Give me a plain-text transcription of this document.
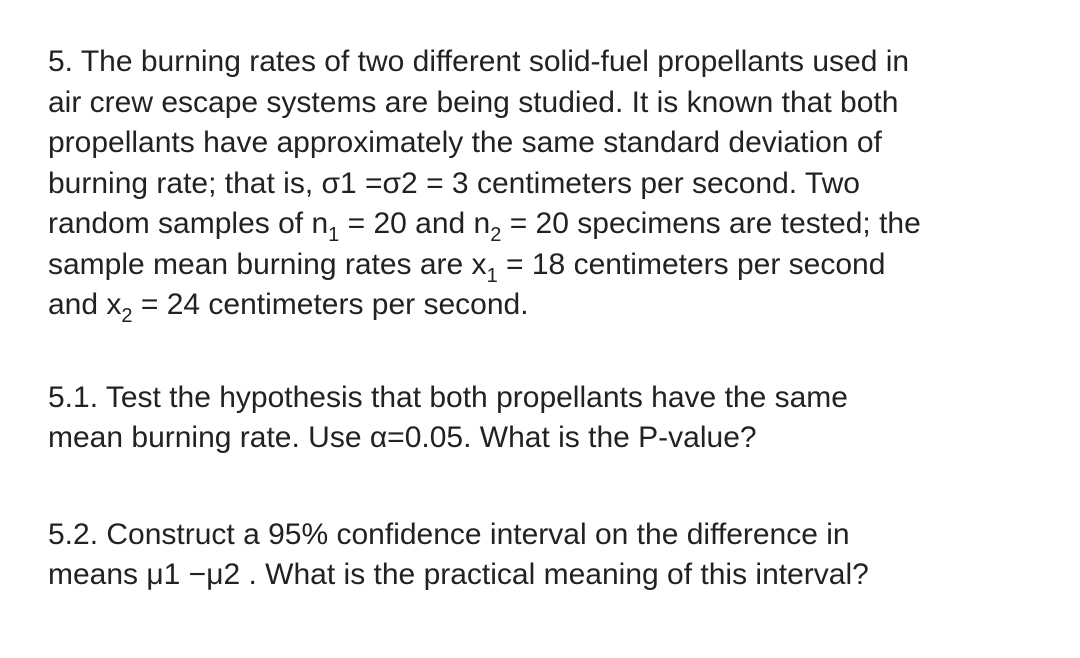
5. The burning rates of two different solid-fuel propellants used in
air crew escape systems are being studied. It is known that both
propellants have approximately the same standard deviation of
burning rate; that is, σ1 =σ2 = 3 centimeters per second. Two
random samples of $n_1 = 20$ and $n_2 = 20$ specimens are tested; the
sample mean burning rates are $x_1 = 18$ centimeters per second
and $x_2 = 24$ centimeters per second.

5.1. Test the hypothesis that both propellants have the same
mean burning rate. Use α=0.05. What is the P-value?

5.2. Construct a 95% confidence interval on the difference in
means μ1 −μ2 . What is the practical meaning of this interval?
